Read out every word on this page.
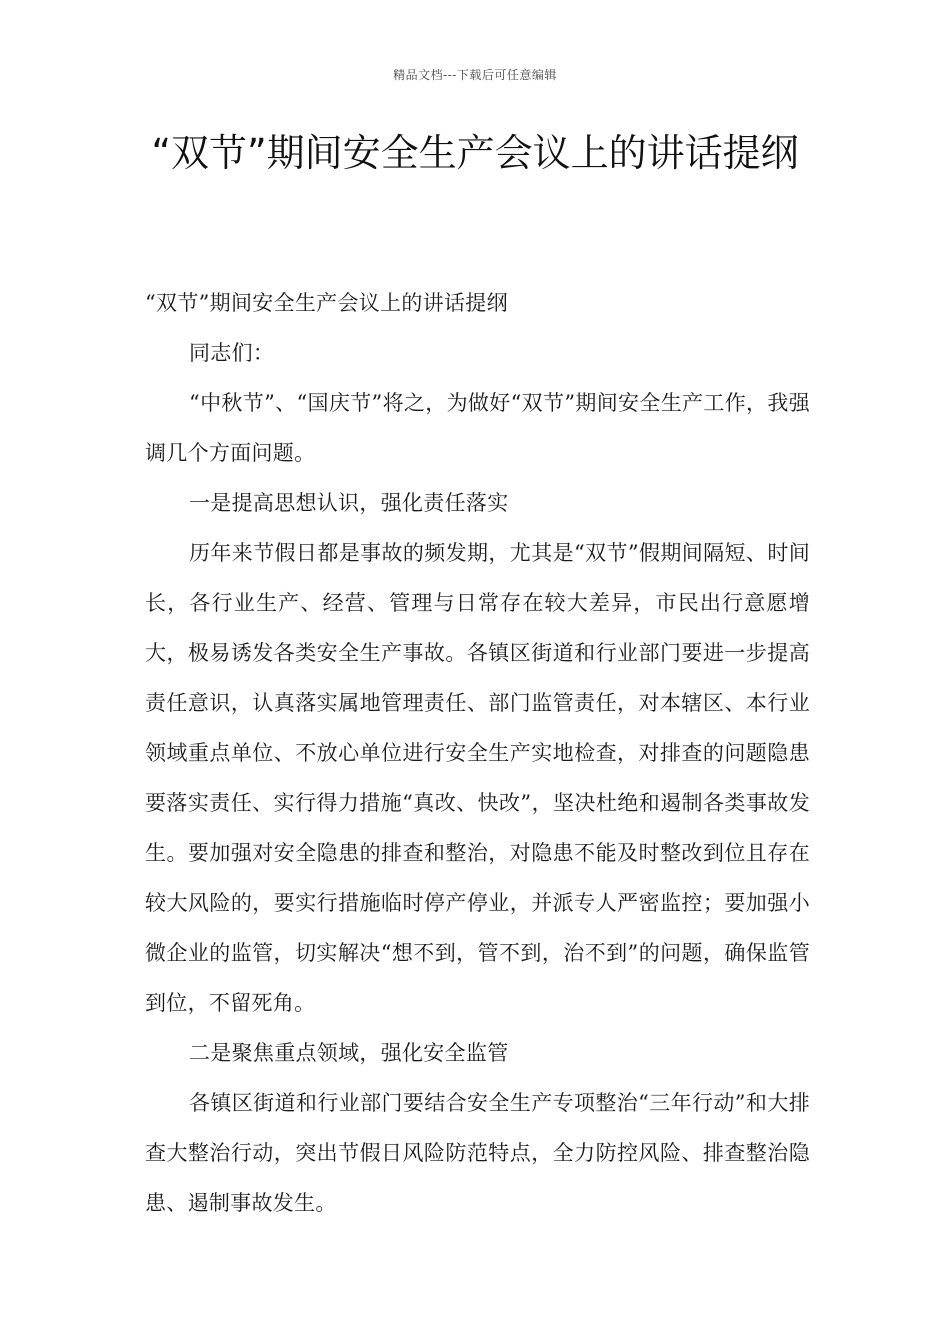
精品文档---下载后可任意编辑
“双节”期间安全生产会议上的讲话提纲

“双节”期间安全生产会议上的讲话提纲

同志们：

“中秋节”、“国庆节”将之，为做好“双节”期间安全生产工作，我强调几个方面问题。

一是提高思想认识，强化责任落实

历年来节假日都是事故的频发期，尤其是“双节”假期间隔短、时间长，各行业生产、经营、管理与日常存在较大差异，市民出行意愿增大，极易诱发各类安全生产事故。各镇区街道和行业部门要进一步提高责任意识，认真落实属地管理责任、部门监管责任，对本辖区、本行业领域重点单位、不放心单位进行安全生产实地检查，对排查的问题隐患要落实责任、实行得力措施“真改、快改”，坚决杜绝和遏制各类事故发生。要加强对安全隐患的排查和整治，对隐患不能及时整改到位且存在较大风险的，要实行措施临时停产停业，并派专人严密监控；要加强小微企业的监管，切实解决“想不到，管不到，治不到”的问题，确保监管到位，不留死角。

二是聚焦重点领域，强化安全监管

各镇区街道和行业部门要结合安全生产专项整治“三年行动”和大排查大整治行动，突出节假日风险防范特点，全力防控风险、排查整治隐患、遏制事故发生。
